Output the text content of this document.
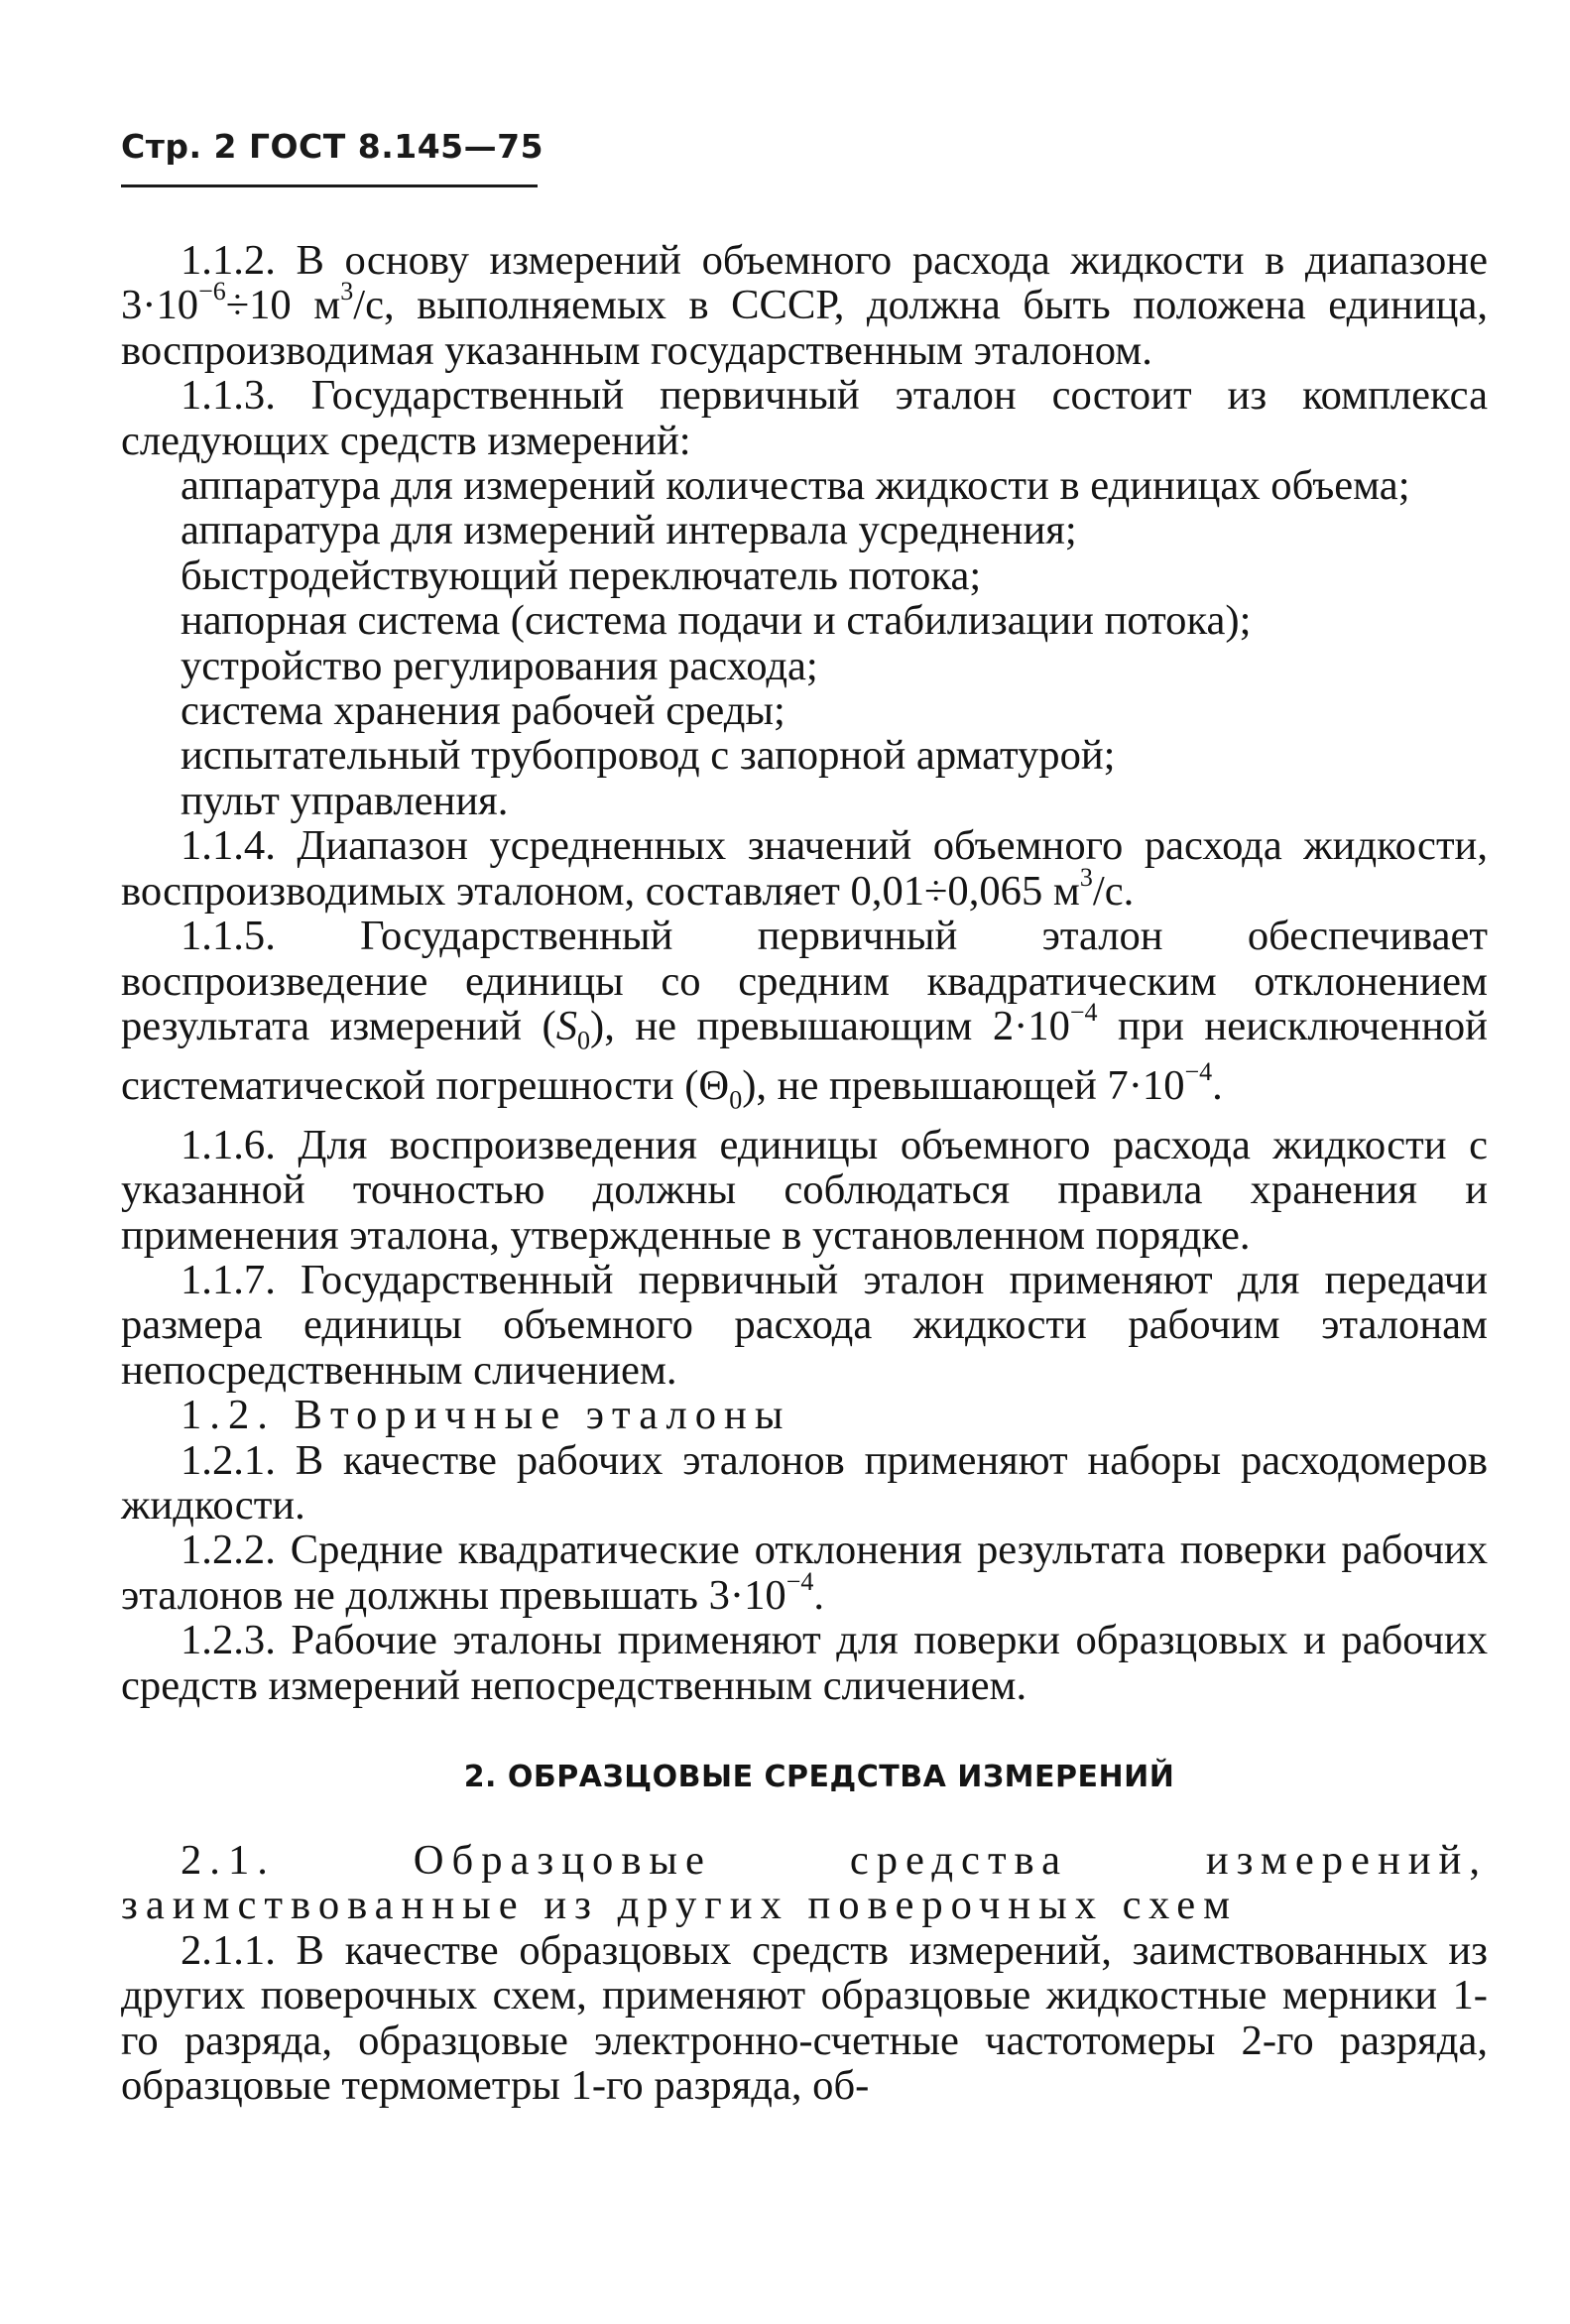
Стр. 2 ГОСТ 8.145—75

1.1.2. В основу измерений объемного расхода жидкости в диапазоне $3\cdot 10^{-6}\div 10$ $м^3/с$, выполняемых в СССР, должна быть положена единица, воспроизводимая указанным государственным эталоном.

1.1.3. Государственный первичный эталон состоит из комплекса следующих средств измерений:

аппаратура для измерений количества жидкости в единицах объема;

аппаратура для измерений интервала усреднения;

быстродействующий переключатель потока;

напорная система (система подачи и стабилизации потока);

устройство регулирования расхода;

система хранения рабочей среды;

испытательный трубопровод с запорной арматурой;

пульт управления.

1.1.4. Диапазон усредненных значений объемного расхода жидкости, воспроизводимых эталоном, составляет 0,01÷0,065 $м^3/с$.

1.1.5. Государственный первичный эталон обеспечивает воспроизведение единицы со средним квадратическим отклонением результата измерений $(S_0)$, не превышающим $2\cdot 10^{-4}$ при неисключенной систематической погрешности $(\Theta_0)$, не превышающей $7\cdot 10^{-4}$.

1.1.6. Для воспроизведения единицы объемного расхода жидкости с указанной точностью должны соблюдаться правила хранения и применения эталона, утвержденные в установленном порядке.

1.1.7. Государственный первичный эталон применяют для передачи размера единицы объемного расхода жидкости рабочим эталонам непосредственным сличением.

1.2. Вторичные эталоны

1.2.1. В качестве рабочих эталонов применяют наборы расходомеров жидкости.

1.2.2. Средние квадратические отклонения результата поверки рабочих эталонов не должны превышать $3\cdot 10^{-4}$.

1.2.3. Рабочие эталоны применяют для поверки образцовых и рабочих средств измерений непосредственным сличением.

2. ОБРАЗЦОВЫЕ СРЕДСТВА ИЗМЕРЕНИЙ

2.1. Образцовые средства измерений, заимствованные из других поверочных схем

2.1.1. В качестве образцовых средств измерений, заимствованных из других поверочных схем, применяют образцовые жидкостные мерники 1-го разряда, образцовые электронно-счетные частотомеры 2-го разряда, образцовые термометры 1-го разряда, об-
